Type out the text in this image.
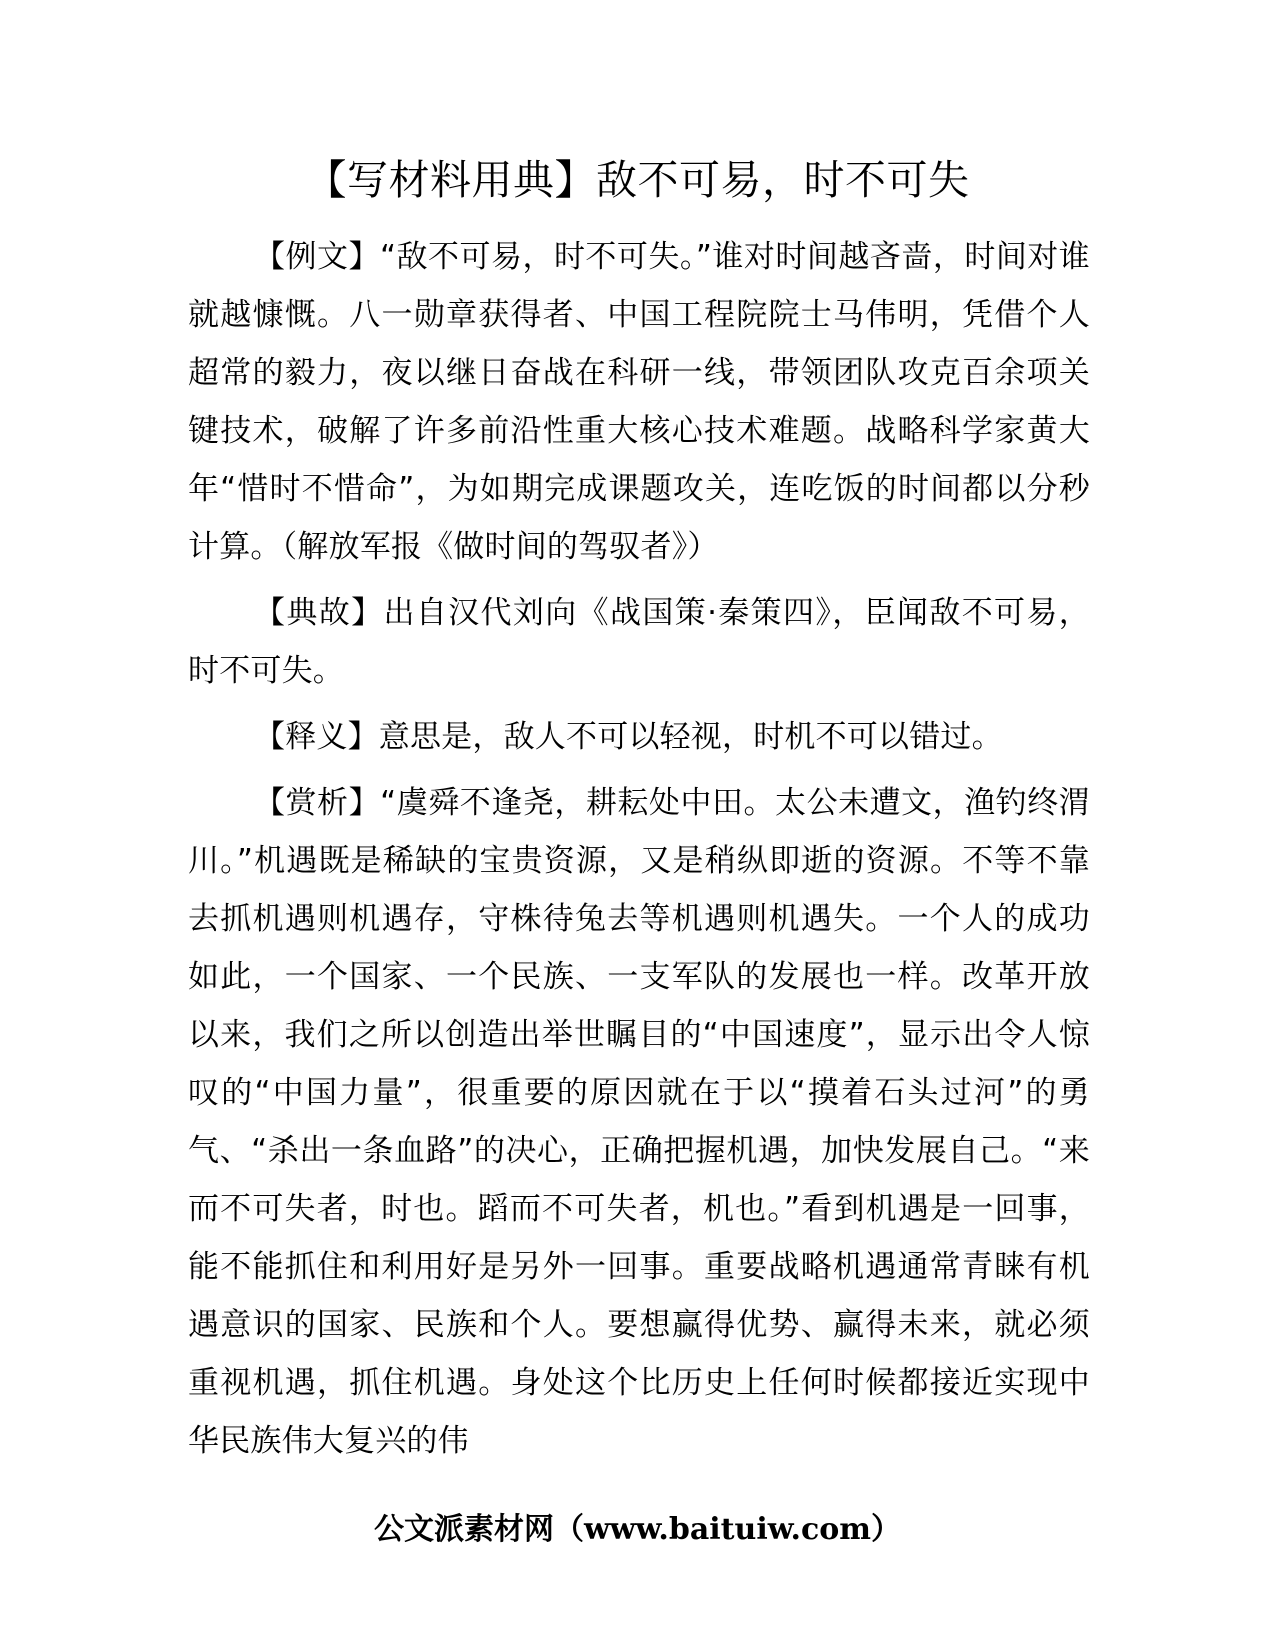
【写材料用典】敌不可易，时不可失

【例文】“敌不可易，时不可失。”谁对时间越吝啬，时间对谁就越慷慨。八一勋章获得者、中国工程院院士马伟明，凭借个人超常的毅力，夜以继日奋战在科研一线，带领团队攻克百余项关键技术，破解了许多前沿性重大核心技术难题。战略科学家黄大年“惜时不惜命”，为如期完成课题攻关，连吃饭的时间都以分秒计算。（解放军报《做时间的驾驭者》）

【典故】出自汉代刘向《战国策·秦策四》，臣闻敌不可易，时不可失。

【释义】意思是，敌人不可以轻视，时机不可以错过。

【赏析】“虞舜不逢尧，耕耘处中田。太公未遭文，渔钓终渭川。”机遇既是稀缺的宝贵资源，又是稍纵即逝的资源。不等不靠去抓机遇则机遇存，守株待兔去等机遇则机遇失。一个人的成功如此，一个国家、一个民族、一支军队的发展也一样。改革开放以来，我们之所以创造出举世瞩目的“中国速度”，显示出令人惊叹的“中国力量”，很重要的原因就在于以“摸着石头过河”的勇气、“杀出一条血路”的决心，正确把握机遇，加快发展自己。“来而不可失者，时也。蹈而不可失者，机也。”看到机遇是一回事，能不能抓住和利用好是另外一回事。重要战略机遇通常青睐有机遇意识的国家、民族和个人。要想赢得优势、赢得未来，就必须重视机遇，抓住机遇。身处这个比历史上任何时候都接近实现中华民族伟大复兴的伟

公文派素材网（www.baituiw.com）
